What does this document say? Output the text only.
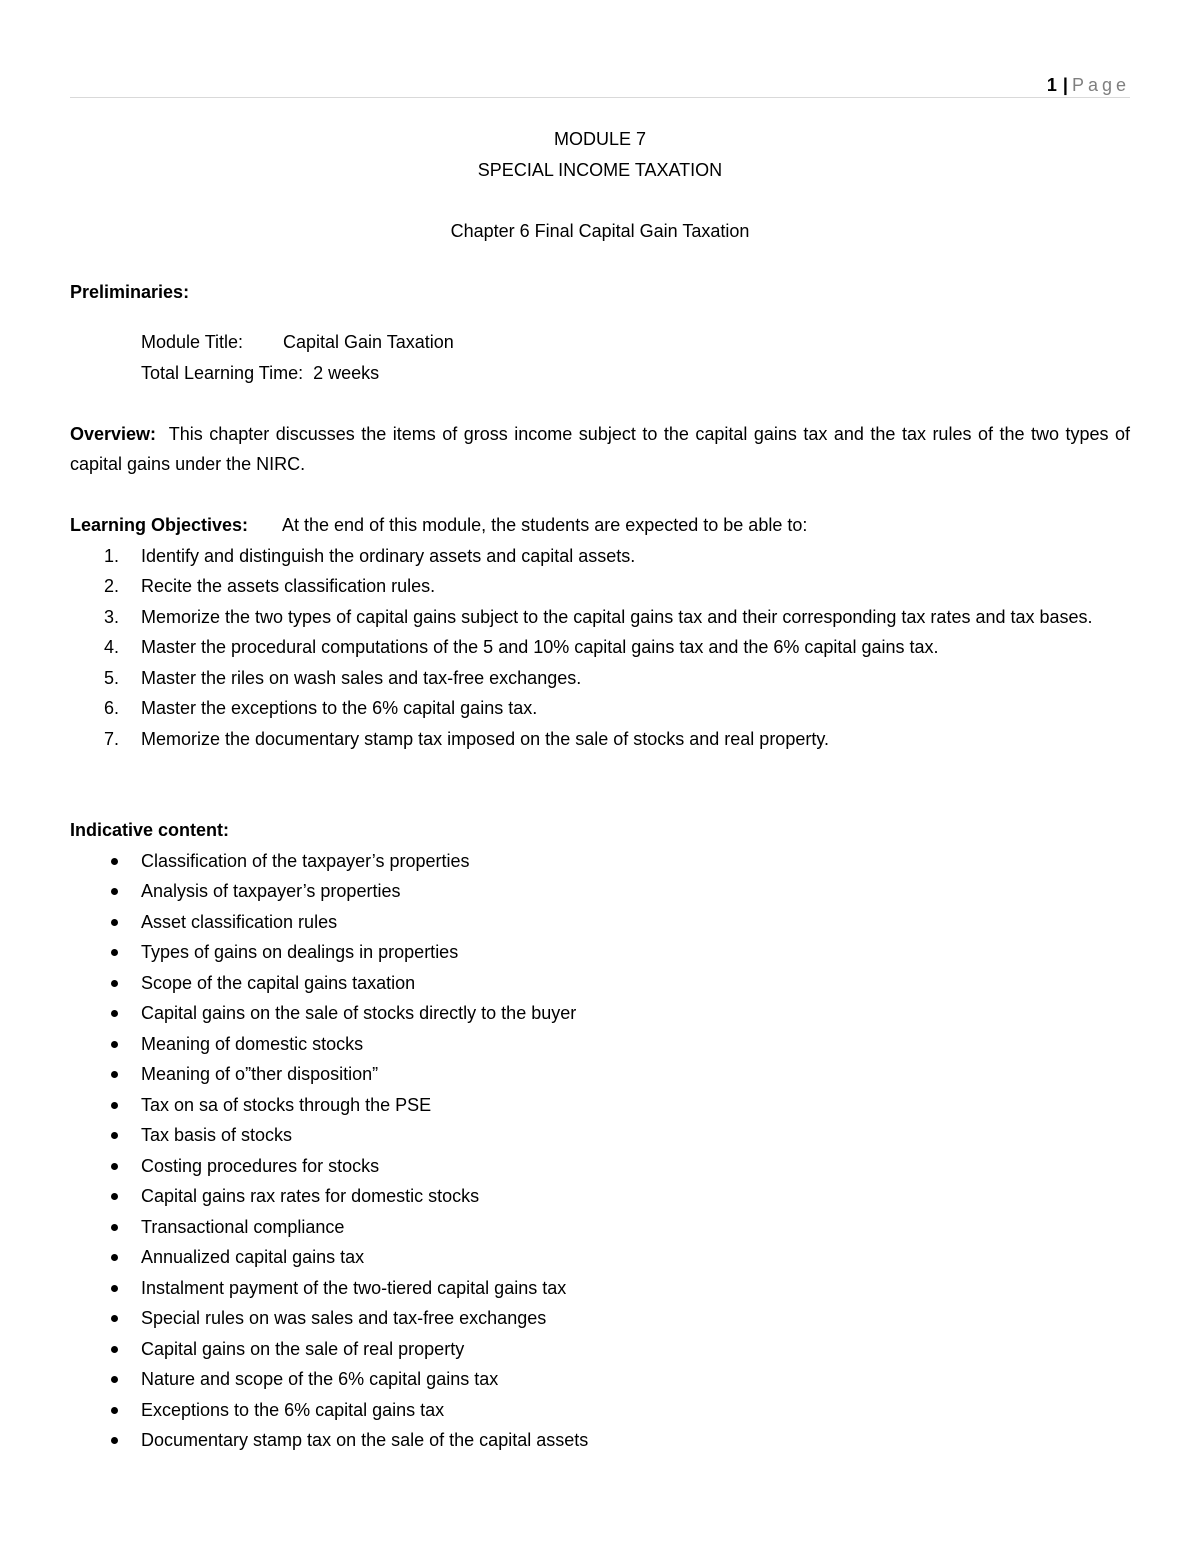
1 | Page
MODULE 7
SPECIAL INCOME TAXATION
Chapter 6 Final Capital Gain Taxation
Preliminaries:
Module Title: Capital Gain Taxation
Total Learning Time: 2 weeks
Overview: This chapter discusses the items of gross income subject to the capital gains tax and the tax rules of the two types of capital gains under the NIRC.
Learning Objectives: At the end of this module, the students are expected to be able to:
1. Identify and distinguish the ordinary assets and capital assets.
2. Recite the assets classification rules.
3. Memorize the two types of capital gains subject to the capital gains tax and their corresponding tax rates and tax bases.
4. Master the procedural computations of the 5 and 10% capital gains tax and the 6% capital gains tax.
5. Master the riles on wash sales and tax-free exchanges.
6. Master the exceptions to the 6% capital gains tax.
7. Memorize the documentary stamp tax imposed on the sale of stocks and real property.
Indicative content:
Classification of the taxpayer’s properties
Analysis of taxpayer’s properties
Asset classification rules
Types of gains on dealings in properties
Scope of the capital gains taxation
Capital gains on the sale of stocks directly to the buyer
Meaning of domestic stocks
Meaning of o”ther disposition”
Tax on sa of stocks through the PSE
Tax basis of stocks
Costing procedures for stocks
Capital gains rax rates for domestic stocks
Transactional compliance
Annualized capital gains tax
Instalment payment of the two-tiered capital gains tax
Special rules on was sales and tax-free exchanges
Capital gains on the sale of real property
Nature and scope of the 6% capital gains tax
Exceptions to the 6% capital gains tax
Documentary stamp tax on the sale of the capital assets
